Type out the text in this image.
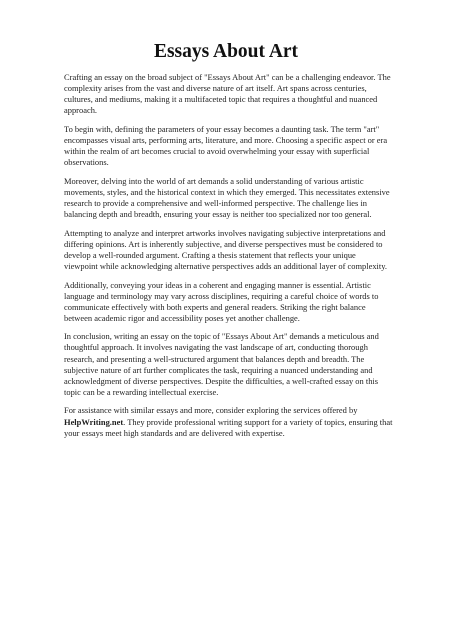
Essays About Art

Crafting an essay on the broad subject of "Essays About Art" can be a challenging endeavor. The
complexity arises from the vast and diverse nature of art itself. Art spans across centuries,
cultures, and mediums, making it a multifaceted topic that requires a thoughtful and nuanced
approach.

To begin with, defining the parameters of your essay becomes a daunting task. The term "art"
encompasses visual arts, performing arts, literature, and more. Choosing a specific aspect or era
within the realm of art becomes crucial to avoid overwhelming your essay with superficial
observations.

Moreover, delving into the world of art demands a solid understanding of various artistic
movements, styles, and the historical context in which they emerged. This necessitates extensive
research to provide a comprehensive and well-informed perspective. The challenge lies in
balancing depth and breadth, ensuring your essay is neither too specialized nor too general.

Attempting to analyze and interpret artworks involves navigating subjective interpretations and
differing opinions. Art is inherently subjective, and diverse perspectives must be considered to
develop a well-rounded argument. Crafting a thesis statement that reflects your unique
viewpoint while acknowledging alternative perspectives adds an additional layer of complexity.

Additionally, conveying your ideas in a coherent and engaging manner is essential. Artistic
language and terminology may vary across disciplines, requiring a careful choice of words to
communicate effectively with both experts and general readers. Striking the right balance
between academic rigor and accessibility poses yet another challenge.

In conclusion, writing an essay on the topic of "Essays About Art" demands a meticulous and
thoughtful approach. It involves navigating the vast landscape of art, conducting thorough
research, and presenting a well-structured argument that balances depth and breadth. The
subjective nature of art further complicates the task, requiring a nuanced understanding and
acknowledgment of diverse perspectives. Despite the difficulties, a well-crafted essay on this
topic can be a rewarding intellectual exercise.

For assistance with similar essays and more, consider exploring the services offered by
HelpWriting.net. They provide professional writing support for a variety of topics, ensuring that
your essays meet high standards and are delivered with expertise.
